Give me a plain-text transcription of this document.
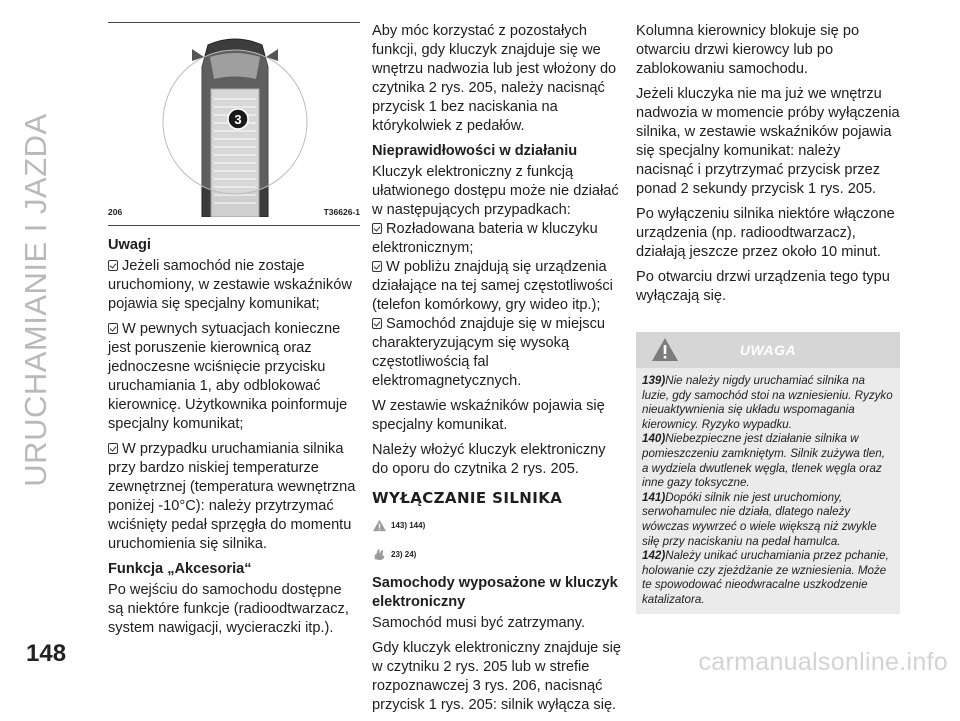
URUCHAMIANIE I JAZDA
148	carmanualsonline.info
3
206	T36626-1
Uwagi

Jeżeli samochód nie zostaje uruchomiony, w zestawie wskaźników pojawia się specjalny komunikat;

W pewnych sytuacjach konieczne jest poruszenie kierownicą oraz jednoczesne wciśnięcie przycisku uruchamiania 1, aby odblokować kierownicę. Użytkownika poinformuje specjalny komunikat;

W przypadku uruchamiania silnika przy bardzo niskiej temperaturze zewnętrznej (temperatura wewnętrzna poniżej -10°C): należy przytrzymać wciśnięty pedał sprzęgła do momentu uruchomienia się silnika.

Funkcja „Akcesoria“

Po wejściu do samochodu dostępne są niektóre funkcje (radioodtwarzacz, system nawigacji, wycieraczki itp.).

Aby móc korzystać z pozostałych funkcji, gdy kluczyk znajduje się we wnętrzu nadwozia lub jest włożony do czytnika 2 rys. 205, należy nacisnąć przycisk 1 bez naciskania na którykolwiek z pedałów.

Nieprawidłowości w działaniu

Kluczyk elektroniczny z funkcją ułatwionego dostępu może nie działać w następujących przypadkach:

Rozładowana bateria w kluczyku elektronicznym;

W pobliżu znajdują się urządzenia działające na tej samej częstotliwości (telefon komórkowy, gry wideo itp.);

Samochód znajduje się w miejscu charakteryzującym się wysoką częstotliwością fal elektromagnetycznych.

W zestawie wskaźników pojawia się specjalny komunikat.

Należy włożyć kluczyk elektroniczny do oporu do czytnika 2 rys. 205.

WYŁĄCZANIE SILNIKA
143) 144)
23) 24)
Samochody wyposażone w kluczyk elektroniczny

Samochód musi być zatrzymany.

Gdy kluczyk elektroniczny znajduje się w czytniku 2 rys. 205 lub w strefie rozpoznawczej 3 rys. 206, nacisnąć przycisk 1 rys. 205: silnik wyłącza się.

Kolumna kierownicy blokuje się po otwarciu drzwi kierowcy lub po zablokowaniu samochodu.

Jeżeli kluczyka nie ma już we wnętrzu nadwozia w momencie próby wyłączenia silnika, w zestawie wskaźników pojawia się specjalny komunikat: należy nacisnąć i przytrzymać przycisk przez ponad 2 sekundy przycisk 1 rys. 205.

Po wyłączeniu silnika niektóre włączone urządzenia (np. radioodtwarzacz), działają jeszcze przez około 10 minut.

Po otwarciu drzwi urządzenia tego typu wyłączają się.

UWAGA

139)Nie należy nigdy uruchamiać silnika na luzie, gdy samochód stoi na wzniesieniu. Ryzyko nieuaktywnienia się układu wspomagania kierownicy. Ryzyko wypadku.

140)Niebezpieczne jest działanie silnika w pomieszczeniu zamkniętym. Silnik zużywa tlen, a wydziela dwutlenek węgla, tlenek węgla oraz inne gazy toksyczne.

141)Dopóki silnik nie jest uruchomiony, serwohamulec nie działa, dlatego należy wówczas wywrzeć o wiele większą niż zwykle siłę przy naciskaniu na pedał hamulca.

142)Należy unikać uruchamiania przez pchanie, holowanie czy zjeżdżanie ze wzniesienia. Może te spowodować nieodwracalne uszkodzenie katalizatora.
